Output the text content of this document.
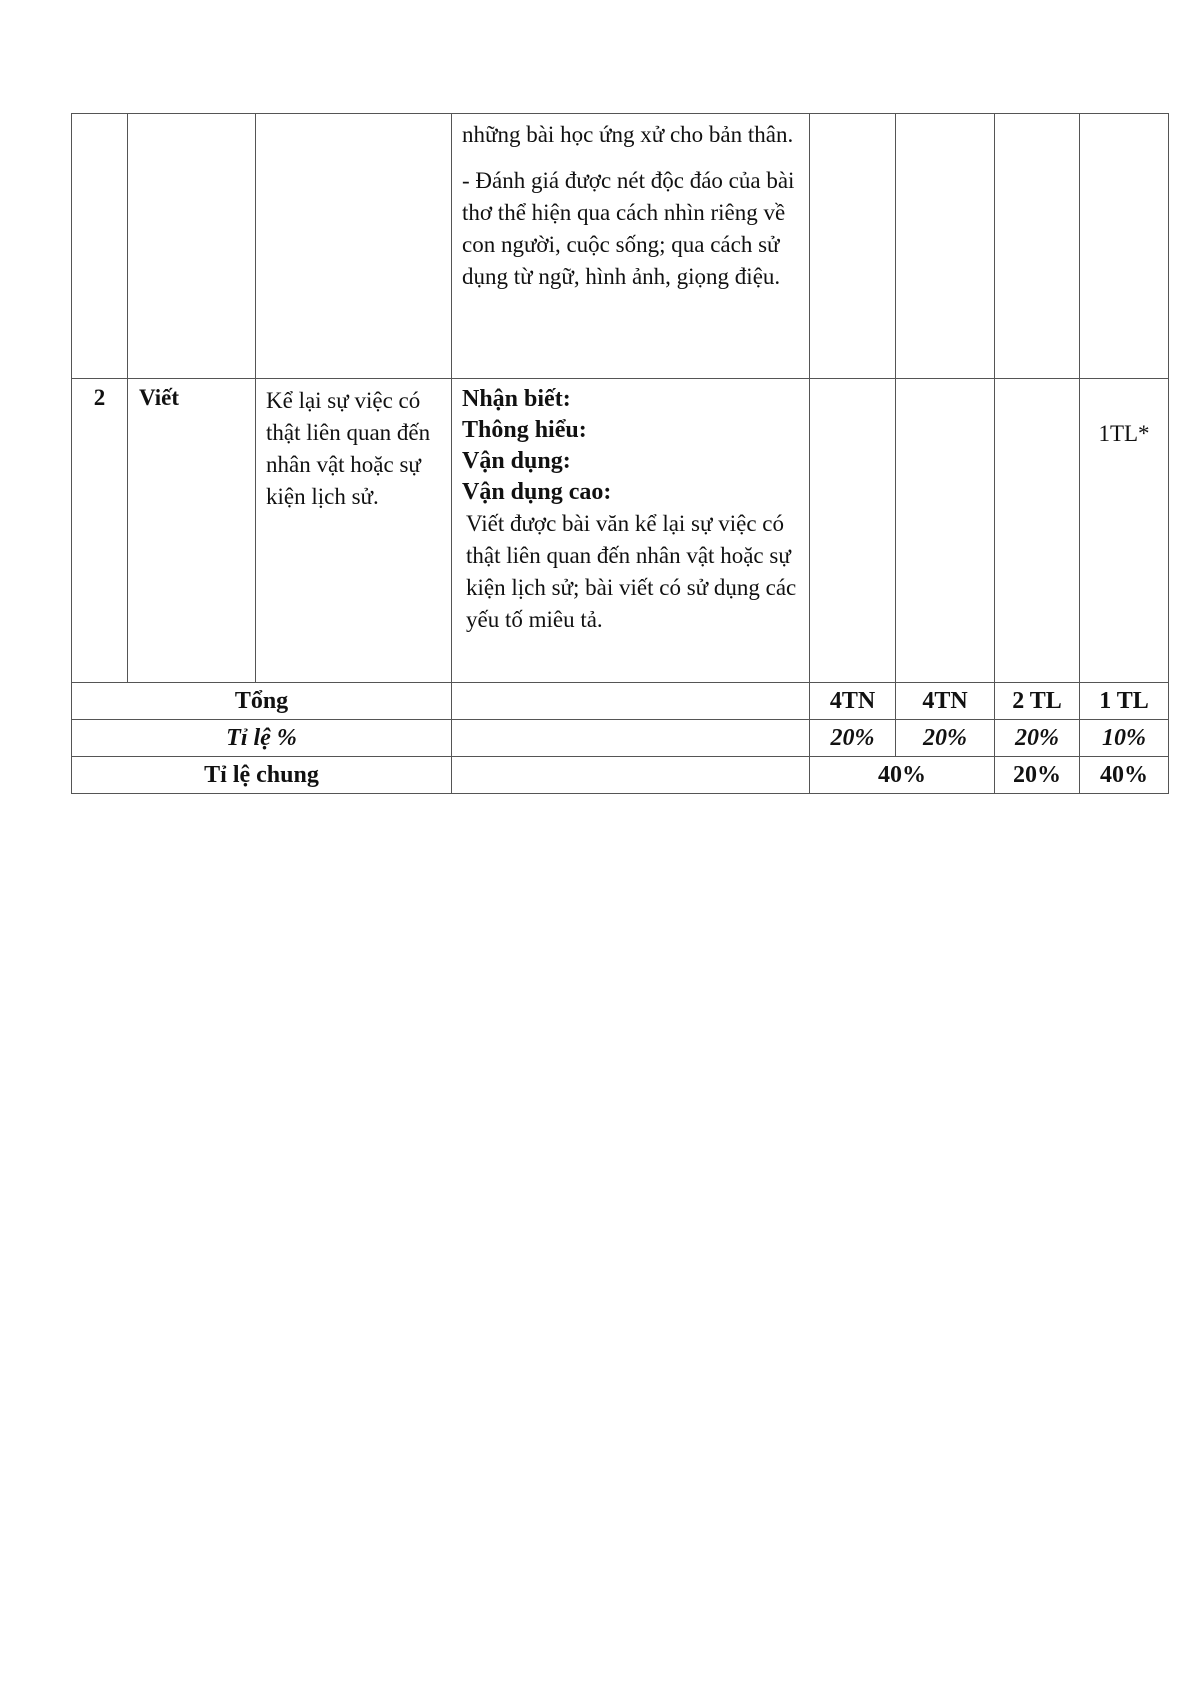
			những bài học ứng xử cho bản thân.

- Đánh giá được nét độc đáo của bài thơ thể hiện qua cách nhìn riêng về con người, cuộc sống; qua cách sử dụng từ ngữ, hình ảnh, giọng điệu.				

2	Viết	Kể lại sự việc có thật liên quan đến nhân vật hoặc sự kiện lịch sử.	Nhận biết:
Thông hiểu:
Vận dụng:
Vận dụng cao:
Viết được bài văn kể lại sự việc có thật liên quan đến nhân vật hoặc sự kiện lịch sử; bài viết có sử dụng các yếu tố miêu tả.				1TL*
Tổng				4TN	4TN	2 TL	1 TL
Tỉ lệ %				20%	20%	20%	10%
Tỉ lệ chung				40%		20%	40%
